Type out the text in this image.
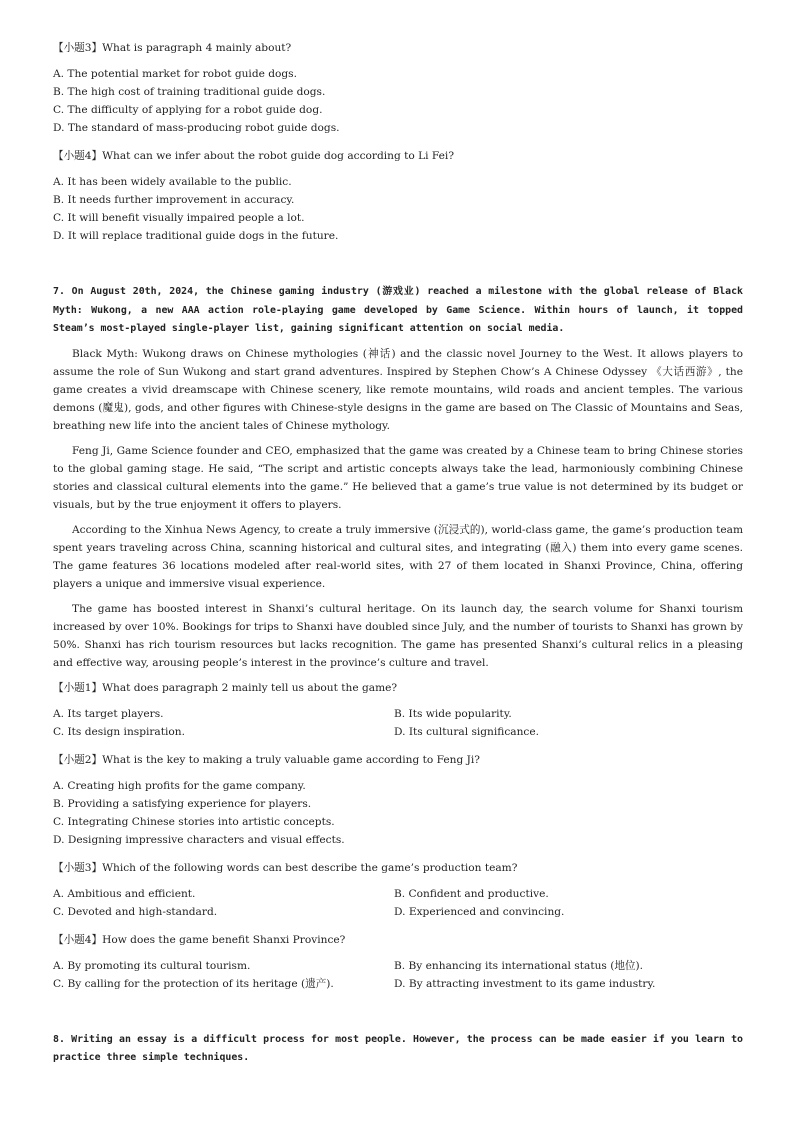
【小题3】What is paragraph 4 mainly about?

A. The potential market for robot guide dogs.

B. The high cost of training traditional guide dogs.

C. The difficulty of applying for a robot guide dog.

D. The standard of mass-producing robot guide dogs.

【小题4】What can we infer about the robot guide dog according to Li Fei?

A. It has been widely available to the public.

B. It needs further improvement in accuracy.

C. It will benefit visually impaired people a lot.

D. It will replace traditional guide dogs in the future.

7. On August 20th, 2024, the Chinese gaming industry (游戏业) reached a milestone with the global release of Black Myth: Wukong, a new AAA action role-playing game developed by Game Science. Within hours of launch, it topped Steam’s most-played single-player list, gaining significant attention on social media.

Black Myth: Wukong draws on Chinese mythologies (神话) and the classic novel Journey to the West. It allows players to assume the role of Sun Wukong and start grand adventures. Inspired by Stephen Chow’s A Chinese Odyssey 《大话西游》, the game creates a vivid dreamscape with Chinese scenery, like remote mountains, wild roads and ancient temples. The various demons (魔鬼), gods, and other figures with Chinese-style designs in the game are based on The Classic of Mountains and Seas, breathing new life into the ancient tales of Chinese mythology.

Feng Ji, Game Science founder and CEO, emphasized that the game was created by a Chinese team to bring Chinese stories to the global gaming stage. He said, “The script and artistic concepts always take the lead, harmoniously combining Chinese stories and classical cultural elements into the game.” He believed that a game’s true value is not determined by its budget or visuals, but by the true enjoyment it offers to players.

According to the Xinhua News Agency, to create a truly immersive (沉浸式的), world-class game, the game’s production team spent years traveling across China, scanning historical and cultural sites, and integrating (融入) them into every game scenes. The game features 36 locations modeled after real-world sites, with 27 of them located in Shanxi Province, China, offering players a unique and immersive visual experience.

The game has boosted interest in Shanxi’s cultural heritage. On its launch day, the search volume for Shanxi tourism increased by over 10%. Bookings for trips to Shanxi have doubled since July, and the number of tourists to Shanxi has grown by 50%. Shanxi has rich tourism resources but lacks recognition. The game has presented Shanxi’s cultural relics in a pleasing and effective way, arousing people’s interest in the province’s culture and travel.

【小题1】What does paragraph 2 mainly tell us about the game?

A. Its target players.	B. Its wide popularity.

C. Its design inspiration.	D. Its cultural significance.

【小题2】What is the key to making a truly valuable game according to Feng Ji?

A. Creating high profits for the game company.

B. Providing a satisfying experience for players.

C. Integrating Chinese stories into artistic concepts.

D. Designing impressive characters and visual effects.

【小题3】Which of the following words can best describe the game’s production team?

A. Ambitious and efficient.	B. Confident and productive.

C. Devoted and high-standard.	D. Experienced and convincing.

【小题4】How does the game benefit Shanxi Province?

A. By promoting its cultural tourism.	B. By enhancing its international status (地位).

C. By calling for the protection of its heritage (遗产).	D. By attracting investment to its game industry.

8. Writing an essay is a difficult process for most people. However, the process can be made easier if you learn to practice three simple techniques.
